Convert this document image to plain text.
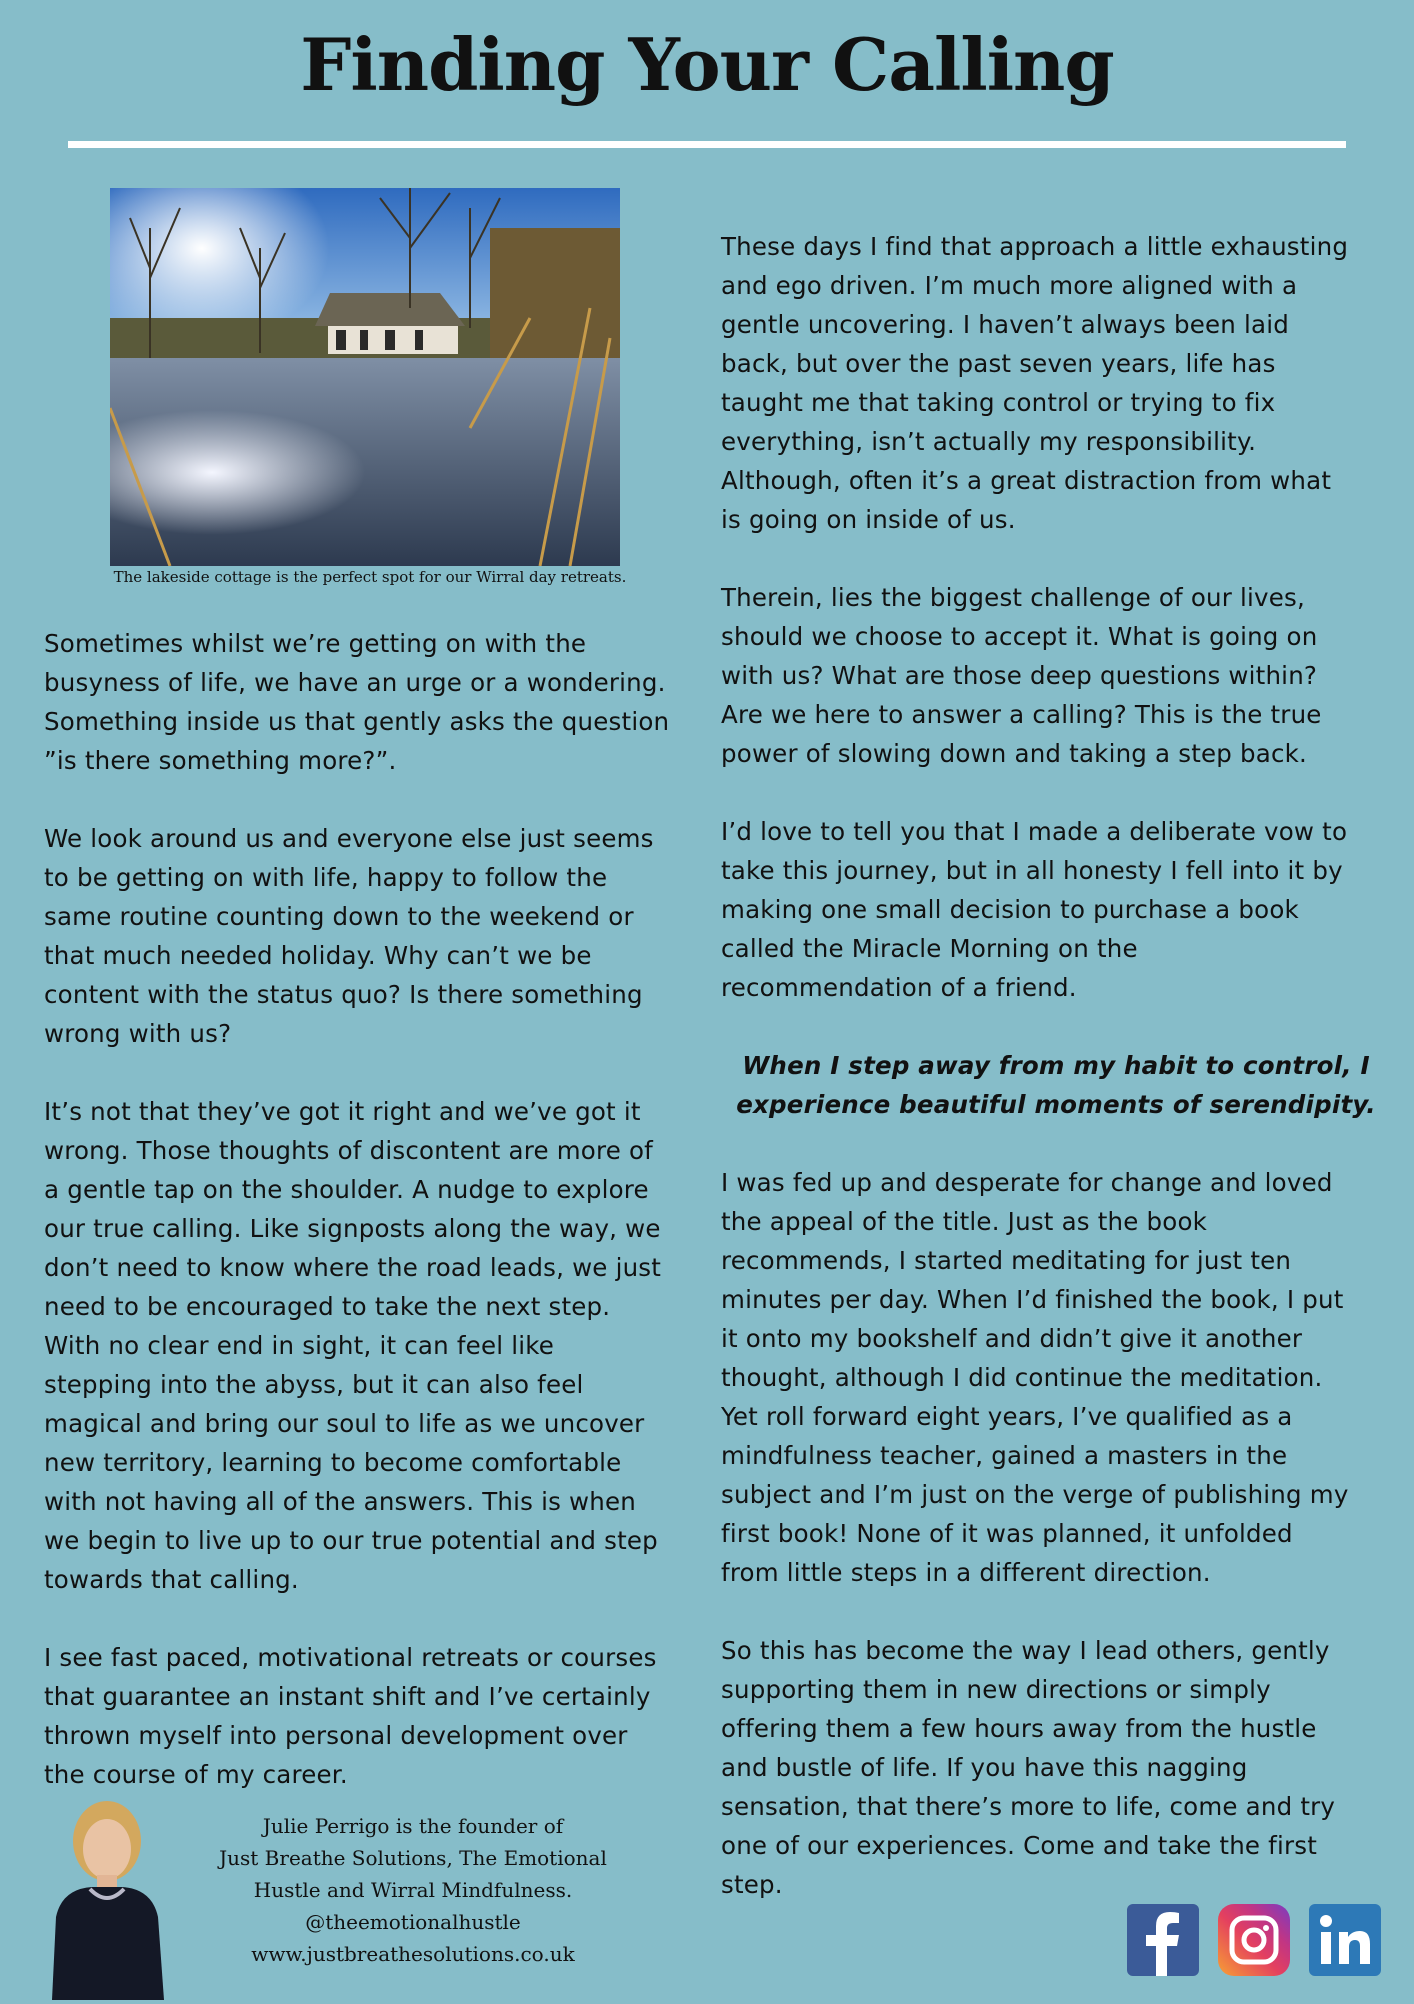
Finding Your Calling
The lakeside cottage is the perfect spot for our Wirral day retreats.

Sometimes whilst we’re getting on with the
busyness of life, we have an urge or a wondering.
Something inside us that gently asks the question
”is there something more?”.

We look around us and everyone else just seems
to be getting on with life, happy to follow the
same routine counting down to the weekend or
that much needed holiday. Why can’t we be
content with the status quo? Is there something
wrong with us?

It’s not that they’ve got it right and we’ve got it
wrong. Those thoughts of discontent are more of
a gentle tap on the shoulder. A nudge to explore
our true calling. Like signposts along the way, we
don’t need to know where the road leads, we just
need to be encouraged to take the next step.
With no clear end in sight, it can feel like
stepping into the abyss, but it can also feel
magical and bring our soul to life as we uncover
new territory, learning to become comfortable
with not having all of the answers. This is when
we begin to live up to our true potential and step
towards that calling.

I see fast paced, motivational retreats or courses
that guarantee an instant shift and I’ve certainly
thrown myself into personal development over
the course of my career.

These days I find that approach a little exhausting
and ego driven. I’m much more aligned with a
gentle uncovering. I haven’t always been laid
back, but over the past seven years, life has
taught me that taking control or trying to fix
everything, isn’t actually my responsibility.
Although, often it’s a great distraction from what
is going on inside of us.

Therein, lies the biggest challenge of our lives,
should we choose to accept it. What is going on
with us? What are those deep questions within?
Are we here to answer a calling? This is the true
power of slowing down and taking a step back.

I’d love to tell you that I made a deliberate vow to
take this journey, but in all honesty I fell into it by
making one small decision to purchase a book
called the Miracle Morning on the
recommendation of a friend.

When I step away from my habit to control, I
experience beautiful moments of serendipity.

I was fed up and desperate for change and loved
the appeal of the title. Just as the book
recommends, I started meditating for just ten
minutes per day. When I’d finished the book, I put
it onto my bookshelf and didn’t give it another
thought, although I did continue the meditation.
Yet roll forward eight years, I’ve qualified as a
mindfulness teacher, gained a masters in the
subject and I’m just on the verge of publishing my
first book! None of it was planned, it unfolded
from little steps in a different direction.

So this has become the way I lead others, gently
supporting them in new directions or simply
offering them a few hours away from the hustle
and bustle of life. If you have this nagging
sensation, that there’s more to life, come and try
one of our experiences. Come and take the first
step.

Julie Perrigo is the founder of
Just Breathe Solutions, The Emotional
Hustle and Wirral Mindfulness.
@theemotionalhustle
www.justbreathesolutions.co.uk
